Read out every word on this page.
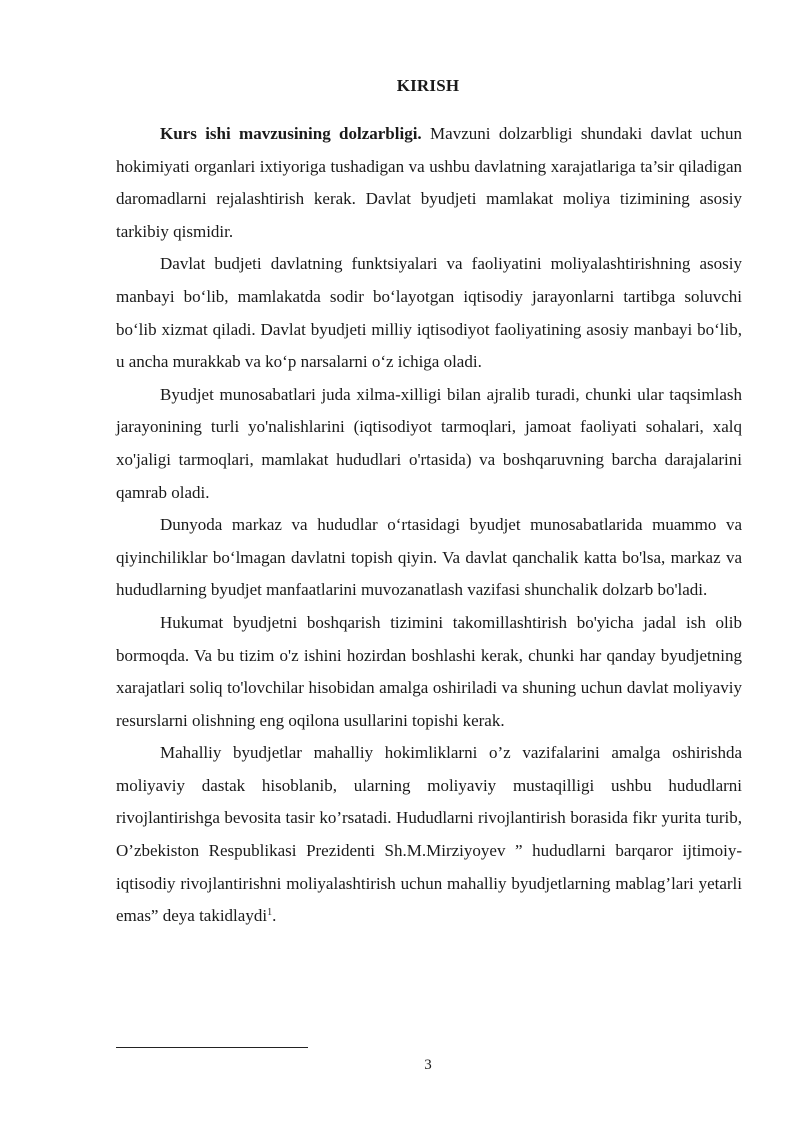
KIRISH

Kurs ishi mavzusining dolzarbligi. Mavzuni dolzarbligi shundaki davlat uchun hokimiyati organlari ixtiyoriga tushadigan va ushbu davlatning xarajatlariga ta’sir qiladigan daromadlarni rejalashtirish kerak. Davlat byudjeti mamlakat moliya tizimining asosiy tarkibiy qismidir.

Davlat budjeti davlatning funktsiyalari va faoliyatini moliyalashtirishning asosiy manbayi bo‘lib, mamlakatda sodir bo‘layotgan iqtisodiy jarayonlarni tartibga soluvchi bo‘lib xizmat qiladi. Davlat byudjeti milliy iqtisodiyot faoliyatining asosiy manbayi bo‘lib, u ancha murakkab va ko‘p narsalarni o‘z ichiga oladi.

Byudjet munosabatlari juda xilma-xilligi bilan ajralib turadi, chunki ular taqsimlash jarayonining turli yo'nalishlarini (iqtisodiyot tarmoqlari, jamoat faoliyati sohalari, xalq xo'jaligi tarmoqlari, mamlakat hududlari o'rtasida) va boshqaruvning barcha darajalarini qamrab oladi.

Dunyoda markaz va hududlar o‘rtasidagi byudjet munosabatlarida muammo va qiyinchiliklar bo‘lmagan davlatni topish qiyin. Va davlat qanchalik katta bo'lsa, markaz va hududlarning byudjet manfaatlarini muvozanatlash vazifasi shunchalik dolzarb bo'ladi.

Hukumat byudjetni boshqarish tizimini takomillashtirish bo'yicha jadal ish olib bormoqda. Va bu tizim o'z ishini hozirdan boshlashi kerak, chunki har qanday byudjetning xarajatlari soliq to'lovchilar hisobidan amalga oshiriladi va shuning uchun davlat moliyaviy resurslarni olishning eng oqilona usullarini topishi kerak.

Mahalliy byudjetlar mahalliy hokimliklarni o’z vazifalarini amalga oshirishda moliyaviy dastak hisoblanib, ularning moliyaviy mustaqilligi ushbu hududlarni rivojlantirishga bevosita tasir ko’rsatadi. Hududlarni rivojlantirish borasida fikr yurita turib, O’zbekiston Respublikasi Prezidenti Sh.M.Mirziyoyev ” hududlarni barqaror ijtimoiy-iqtisodiy rivojlantirishni moliyalashtirish uchun mahalliy byudjetlarning mablag’lari yetarli emas” deya takidlaydi$^1$.

3
